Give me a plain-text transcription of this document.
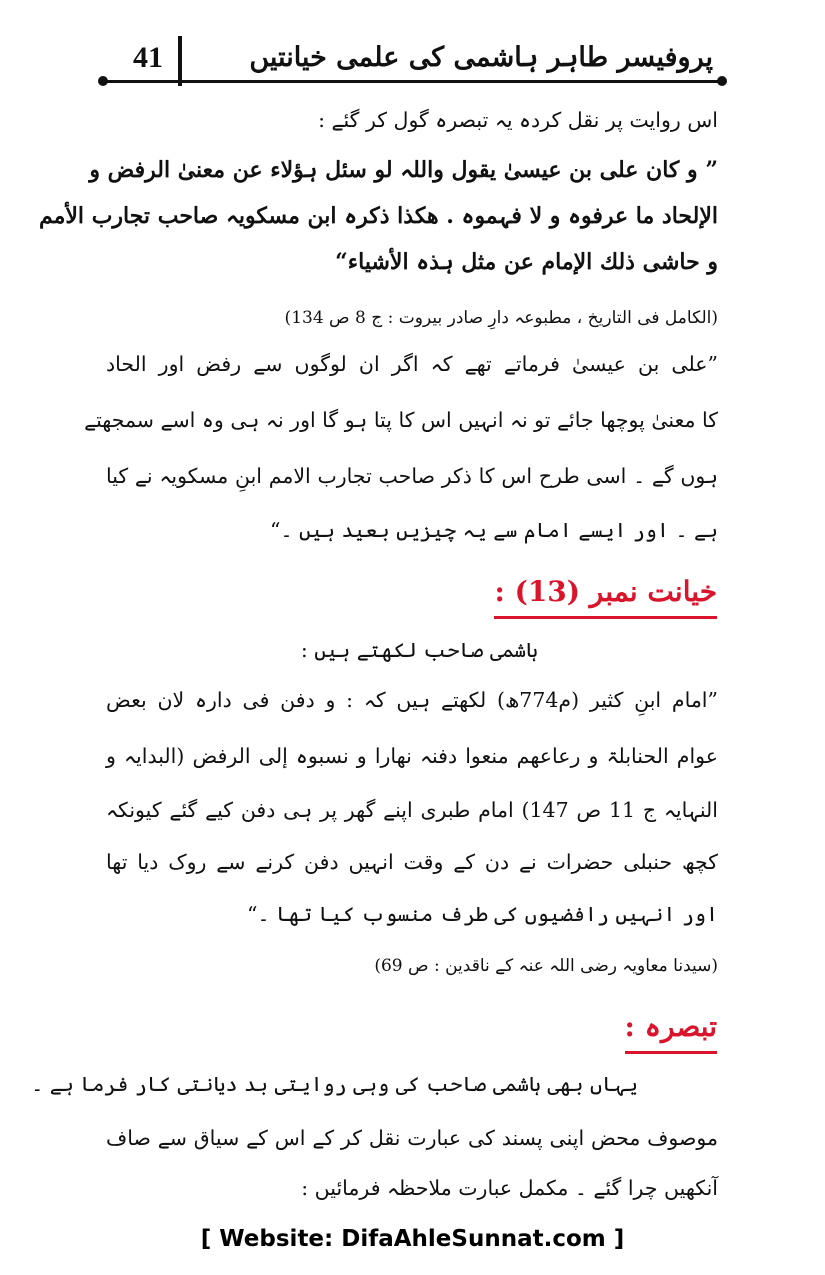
پروفیسر طاہر ہاشمی کی علمی خیانتیں
41
اس روایت پر نقل کردہ یہ تبصرہ گول کر گئے :
” و کان علی بن عیسیٰ یقول واللہ لو سئل ہؤلاء عن معنیٰ الرفض و
الإلحاد ما عرفوہ و لا فہموہ . ھکذا ذکرہ ابن مسکویہ صاحب تجارب الأمم
و حاشی ذلك الإمام عن مثل ہذہ الأشیاء“
(الکامل فی التاریخ ، مطبوعہ دارِ صادر بیروت : ج 8 ص 134)
”علی بن عیسیٰ فرماتے تھے کہ اگر ان لوگوں سے رفض اور الحاد
کا معنیٰ پوچھا جائے تو نہ انہیں اس کا پتا ہو گا اور نہ ہی وہ اسے سمجھتے
ہوں گے ۔ اسی طرح اس کا ذکر صاحب تجارب الامم ابنِ مسکویہ نے کیا
ہے ۔ اور ایسے امام سے یہ چیزیں بعید ہیں ۔“
خیانت نمبر (13) :
ہاشمی صاحب لکھتے ہیں :
”امام ابنِ کثیر (م774ھ) لکھتے ہیں کہ : و دفن فی دارہ لان بعض
عوام الحنابلۃ و رعاعھم منعوا دفنہ نھارا و نسبوہ إلی الرفض (البدایہ و
النہایہ ج 11 ص 147) امام طبری اپنے گھر پر ہی دفن کیے گئے کیونکہ
کچھ حنبلی حضرات نے دن کے وقت انہیں دفن کرنے سے روک دیا تھا
اور انہیں رافضیوں کی طرف منسوب کیا تھا ۔“
(سیدنا معاویہ رضی اللہ عنہ کے ناقدین : ص 69)
تبصرہ :
یہاں بھی ہاشمی صاحب کی وہی روایتی بد دیانتی کار فرما ہے ۔
موصوف محض اپنی پسند کی عبارت نقل کر کے اس کے سیاق سے صاف
آنکھیں چرا گئے ۔ مکمل عبارت ملاحظہ فرمائیں :
[ Website: DifaAhleSunnat.com ]
